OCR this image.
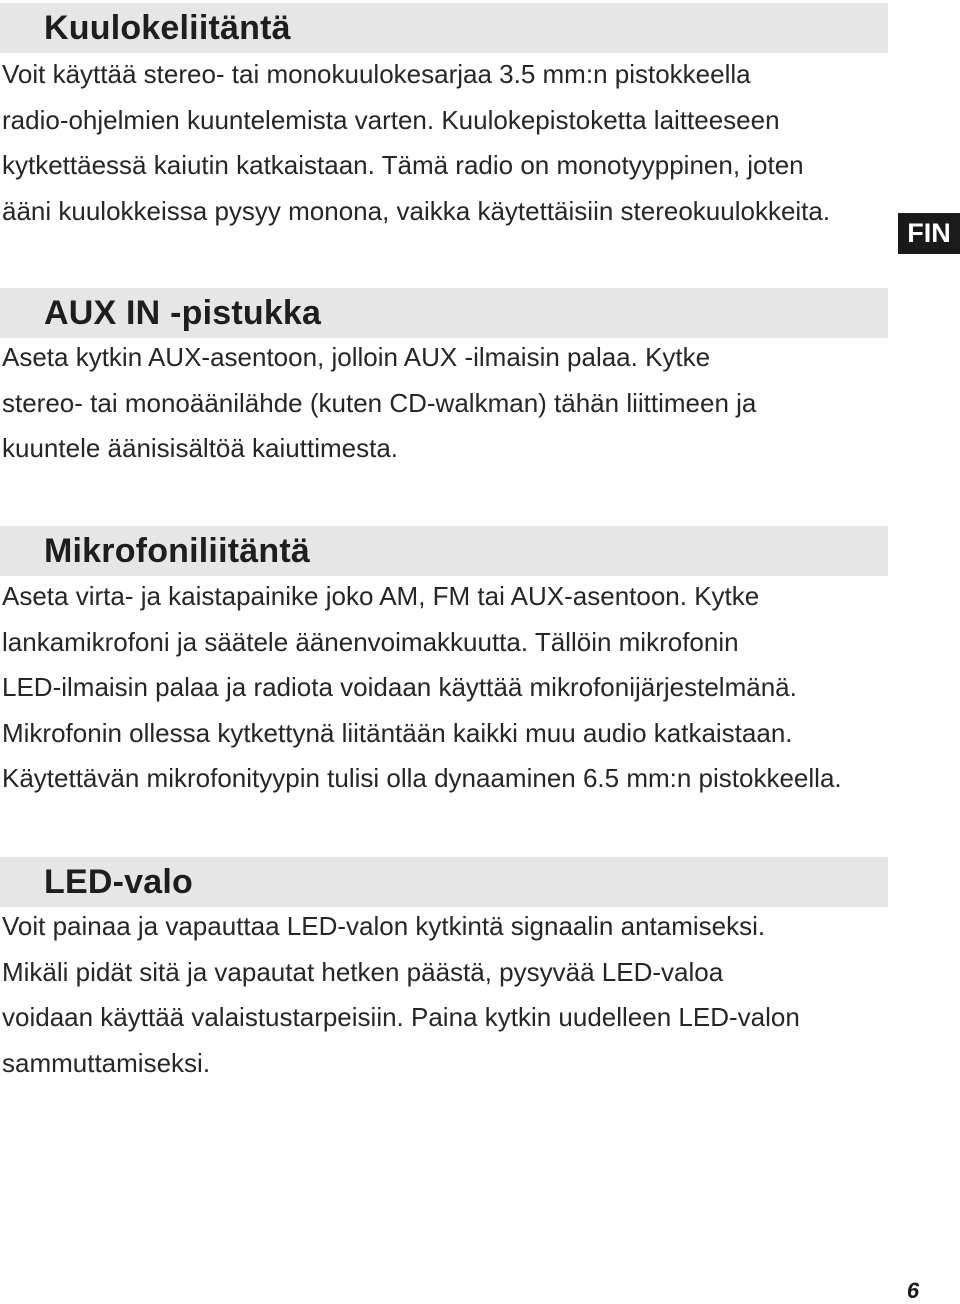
Kuulokeliitäntä

Voit käyttää stereo- tai monokuulokesarjaa 3.5 mm:n pistokkeella
radio-ohjelmien kuuntelemista varten. Kuulokepistoketta laitteeseen
kytkettäessä kaiutin katkaistaan. Tämä radio on monotyyppinen, joten
ääni kuulokkeissa pysyy monona, vaikka käytettäisiin stereokuulokkeita.

FIN
AUX IN -pistukka

Aseta kytkin AUX-asentoon, jolloin AUX -ilmaisin palaa. Kytke
stereo- tai monoäänilähde (kuten CD-walkman) tähän liittimeen ja
kuuntele äänisisältöä kaiuttimesta.

Mikrofoniliitäntä

Aseta virta- ja kaistapainike joko AM, FM tai AUX-asentoon. Kytke
lankamikrofoni ja säätele äänenvoimakkuutta. Tällöin mikrofonin
LED-ilmaisin palaa ja radiota voidaan käyttää mikrofonijärjestelmänä.
Mikrofonin ollessa kytkettynä liitäntään kaikki muu audio katkaistaan.
Käytettävän mikrofonityypin tulisi olla dynaaminen 6.5 mm:n pistokkeella.

LED-valo

Voit painaa ja vapauttaa LED-valon kytkintä signaalin antamiseksi.
Mikäli pidät sitä ja vapautat hetken päästä, pysyvää LED-valoa
voidaan käyttää valaistustarpeisiin. Paina kytkin uudelleen LED-valon
sammuttamiseksi.

6
